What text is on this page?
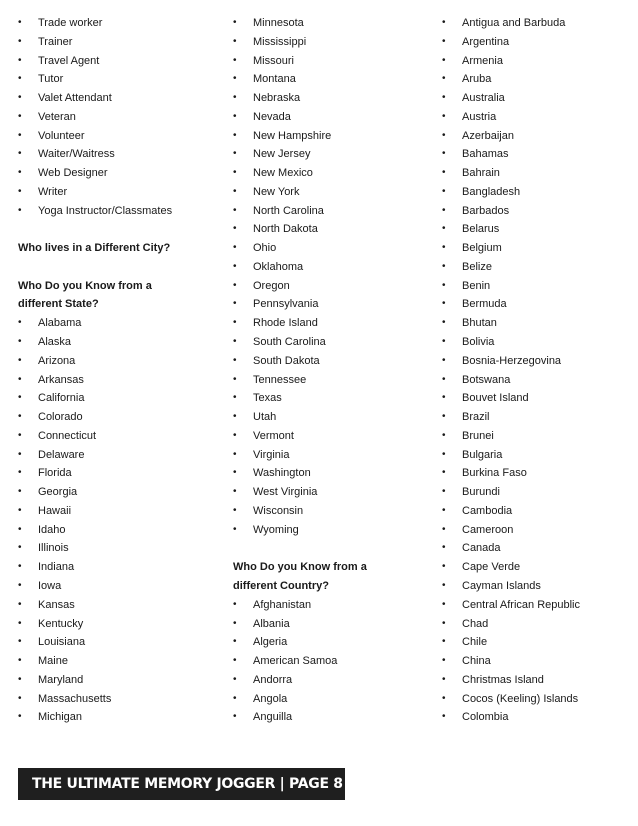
•	Trade worker
•	Trainer
•	Travel Agent
•	Tutor
•	Valet Attendant
•	Veteran
•	Volunteer
•	Waiter/Waitress
•	Web Designer
•	Writer
•	Yoga Instructor/Classmates
Who lives in a Different City?
Who Do you Know from a
different State?
•	Alabama
•	Alaska
•	Arizona
•	Arkansas
•	California
•	Colorado
•	Connecticut
•	Delaware
•	Florida
•	Georgia
•	Hawaii
•	Idaho
•	Illinois
•	Indiana
•	Iowa
•	Kansas
•	Kentucky
•	Louisiana
•	Maine
•	Maryland
•	Massachusetts
•	Michigan
•	Minnesota
•	Mississippi
•	Missouri
•	Montana
•	Nebraska
•	Nevada
•	New Hampshire
•	New Jersey
•	New Mexico
•	New York
•	North Carolina
•	North Dakota
•	Ohio
•	Oklahoma
•	Oregon
•	Pennsylvania
•	Rhode Island
•	South Carolina
•	South Dakota
•	Tennessee
•	Texas
•	Utah
•	Vermont
•	Virginia
•	Washington
•	West Virginia
•	Wisconsin
•	Wyoming
Who Do you Know from a
different Country?
•	Afghanistan
•	Albania
•	Algeria
•	American Samoa
•	Andorra
•	Angola
•	Anguilla
•	Antigua and Barbuda
•	Argentina
•	Armenia
•	Aruba
•	Australia
•	Austria
•	Azerbaijan
•	Bahamas
•	Bahrain
•	Bangladesh
•	Barbados
•	Belarus
•	Belgium
•	Belize
•	Benin
•	Bermuda
•	Bhutan
•	Bolivia
•	Bosnia-Herzegovina
•	Botswana
•	Bouvet Island
•	Brazil
•	Brunei
•	Bulgaria
•	Burkina Faso
•	Burundi
•	Cambodia
•	Cameroon
•	Canada
•	Cape Verde
•	Cayman Islands
•	Central African Republic
•	Chad
•	Chile
•	China
•	Christmas Island
•	Cocos (Keeling) Islands
•	Colombia
THE ULTIMATE MEMORY JOGGER | PAGE 8
